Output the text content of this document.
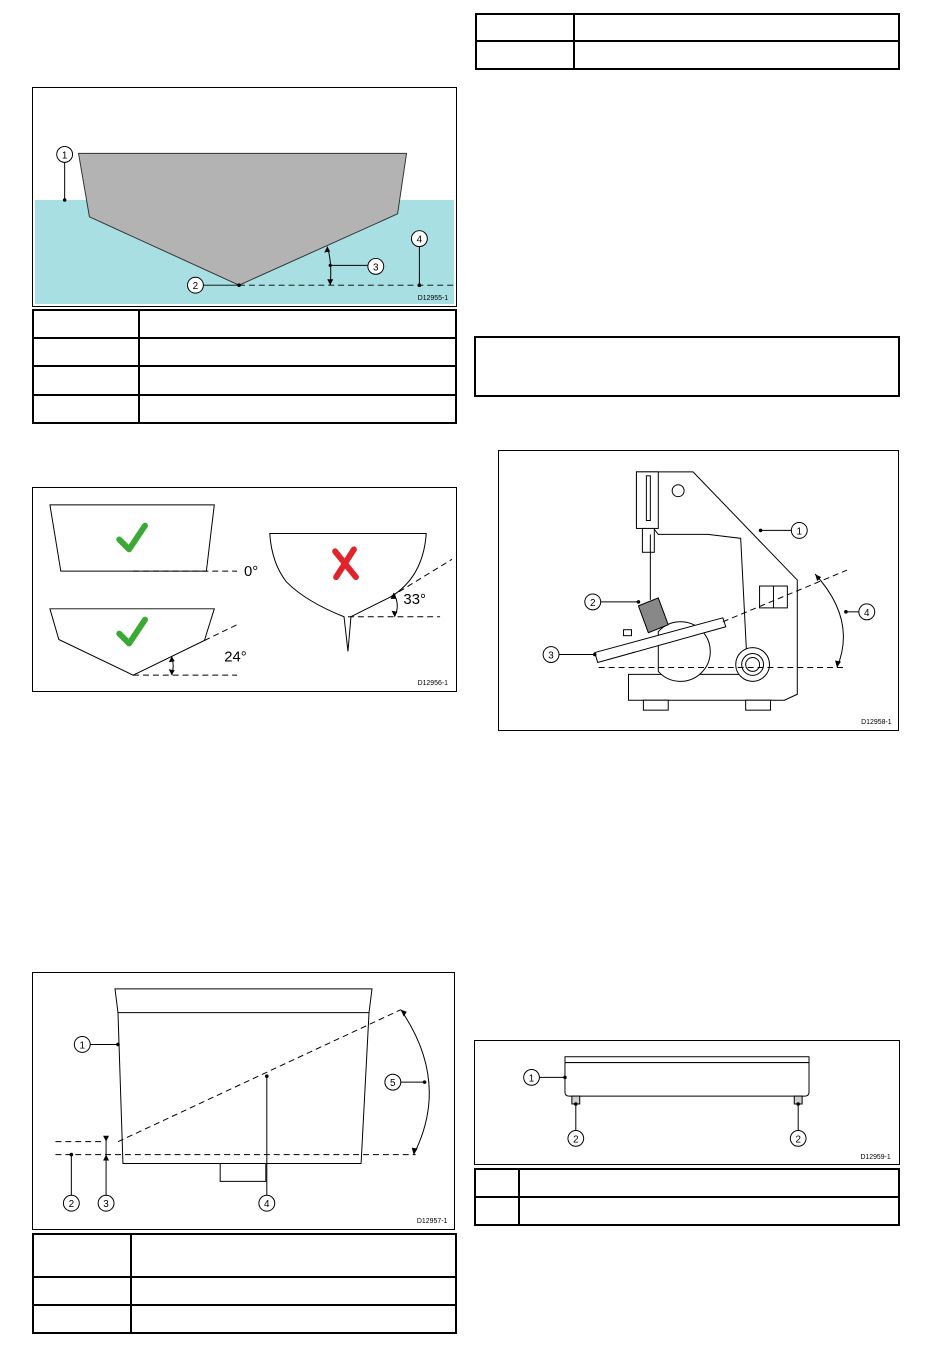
1
2
3
4
D12955-1

0°
24°
33°
D12956-1
1
2
3
4
D12958-1
1
2	3	4
5
D12957-1

1
2	2
D12959-1
